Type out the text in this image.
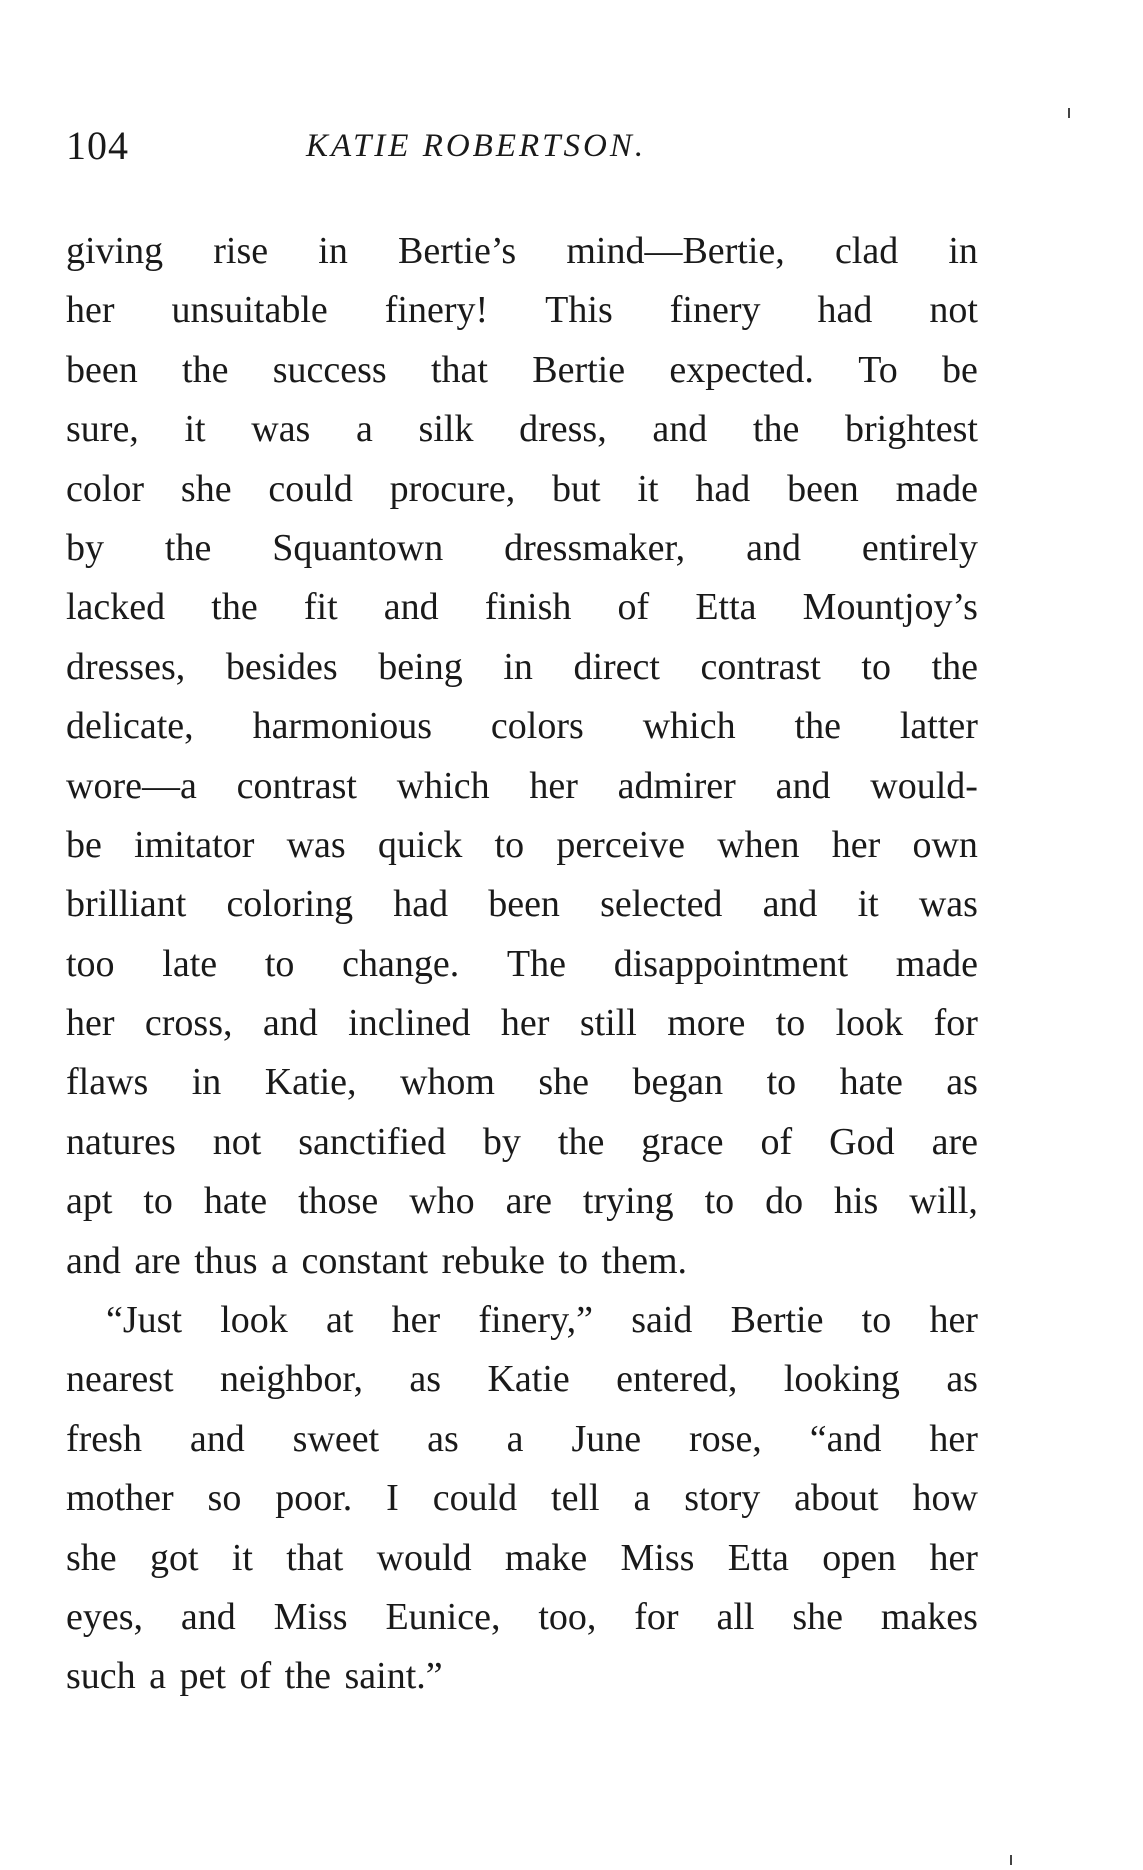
104	KATIE ROBERTSON.
giving rise in Bertie’s mind—Bertie, clad in
her unsuitable finery! This finery had not
been the success that Bertie expected. To be
sure, it was a silk dress, and the brightest
color she could procure, but it had been made
by the Squantown dressmaker, and entirely
lacked the fit and finish of Etta Mountjoy’s
dresses, besides being in direct contrast to the
delicate, harmonious colors which the latter
wore—a contrast which her admirer and would-
be imitator was quick to perceive when her own
brilliant coloring had been selected and it was
too late to change. The disappointment made
her cross, and inclined her still more to look for
flaws in Katie, whom she began to hate as
natures not sanctified by the grace of God are
apt to hate those who are trying to do his will,
and are thus a constant rebuke to them.
“Just look at her finery,” said Bertie to her
nearest neighbor, as Katie entered, looking as
fresh and sweet as a June rose, “and her
mother so poor. I could tell a story about how
she got it that would make Miss Etta open her
eyes, and Miss Eunice, too, for all she makes
such a pet of the saint.”
